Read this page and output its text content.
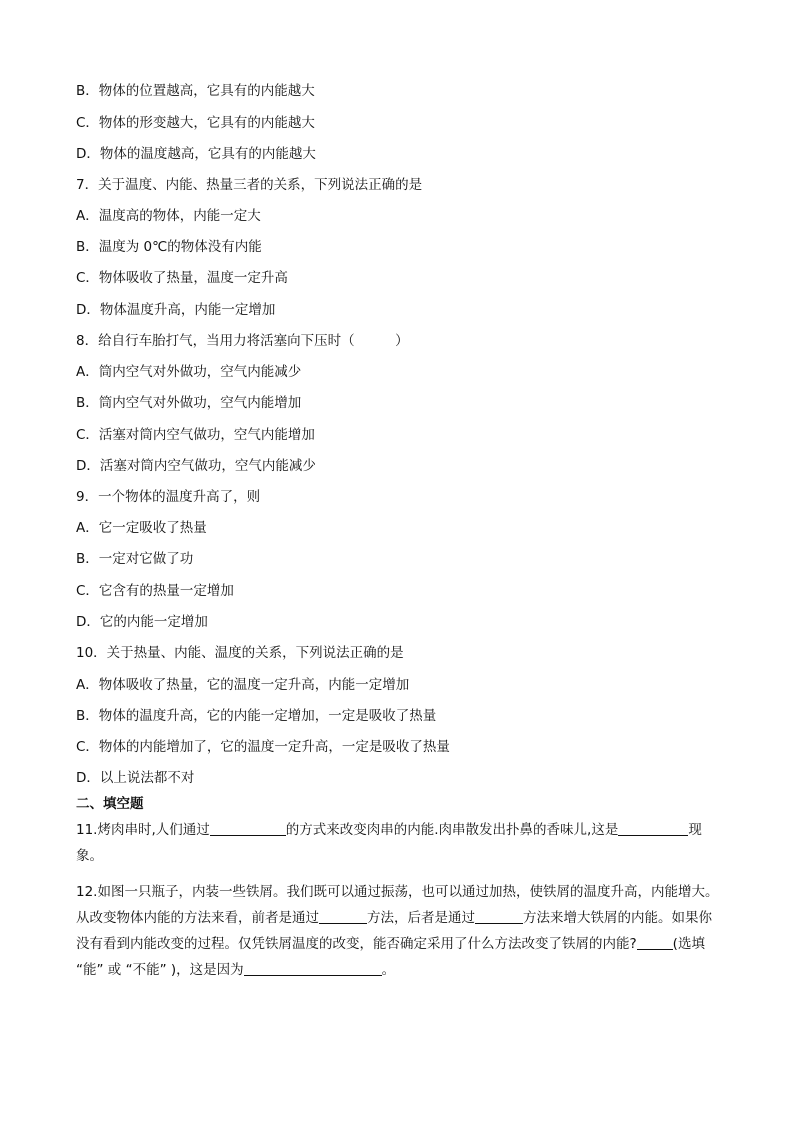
B．物体的位置越高，它具有的内能越大
C．物体的形变越大，它具有的内能越大
D．物体的温度越高，它具有的内能越大
7．关于温度、内能、热量三者的关系，下列说法正确的是
A．温度高的物体，内能一定大
B．温度为 0℃的物体没有内能
C．物体吸收了热量，温度一定升高
D．物体温度升高，内能一定增加
8．给自行车胎打气，当用力将活塞向下压时（　　　）
A．筒内空气对外做功，空气内能减少
B．筒内空气对外做功，空气内能增加
C．活塞对筒内空气做功，空气内能增加
D．活塞对筒内空气做功，空气内能减少
9．一个物体的温度升高了，则
A．它一定吸收了热量
B．一定对它做了功
C．它含有的热量一定增加
D．它的内能一定增加
10．关于热量、内能、温度的关系，下列说法正确的是
A．物体吸收了热量，它的温度一定升高，内能一定增加
B．物体的温度升高，它的内能一定增加，一定是吸收了热量
C．物体的内能增加了，它的温度一定升高，一定是吸收了热量
D．以上说法都不对
二、填空题
11.烤肉串时,人们通过	的方式来改变肉串的内能.肉串散发出扑鼻的香味儿,这是	现象。
12.如图一只瓶子，内装一些铁屑。我们既可以通过振荡，也可以通过加热，使铁屑的温度升高，内能增大。从改变物体内能的方法来看，前者是通过	方法，后者是通过	方法来增大铁屑的内能。如果你没有看到内能改变的过程。仅凭铁屑温度的改变，能否确定采用了什么方法改变了铁屑的内能?	(选填 “能” 或 “不能” )，这是因为	。
